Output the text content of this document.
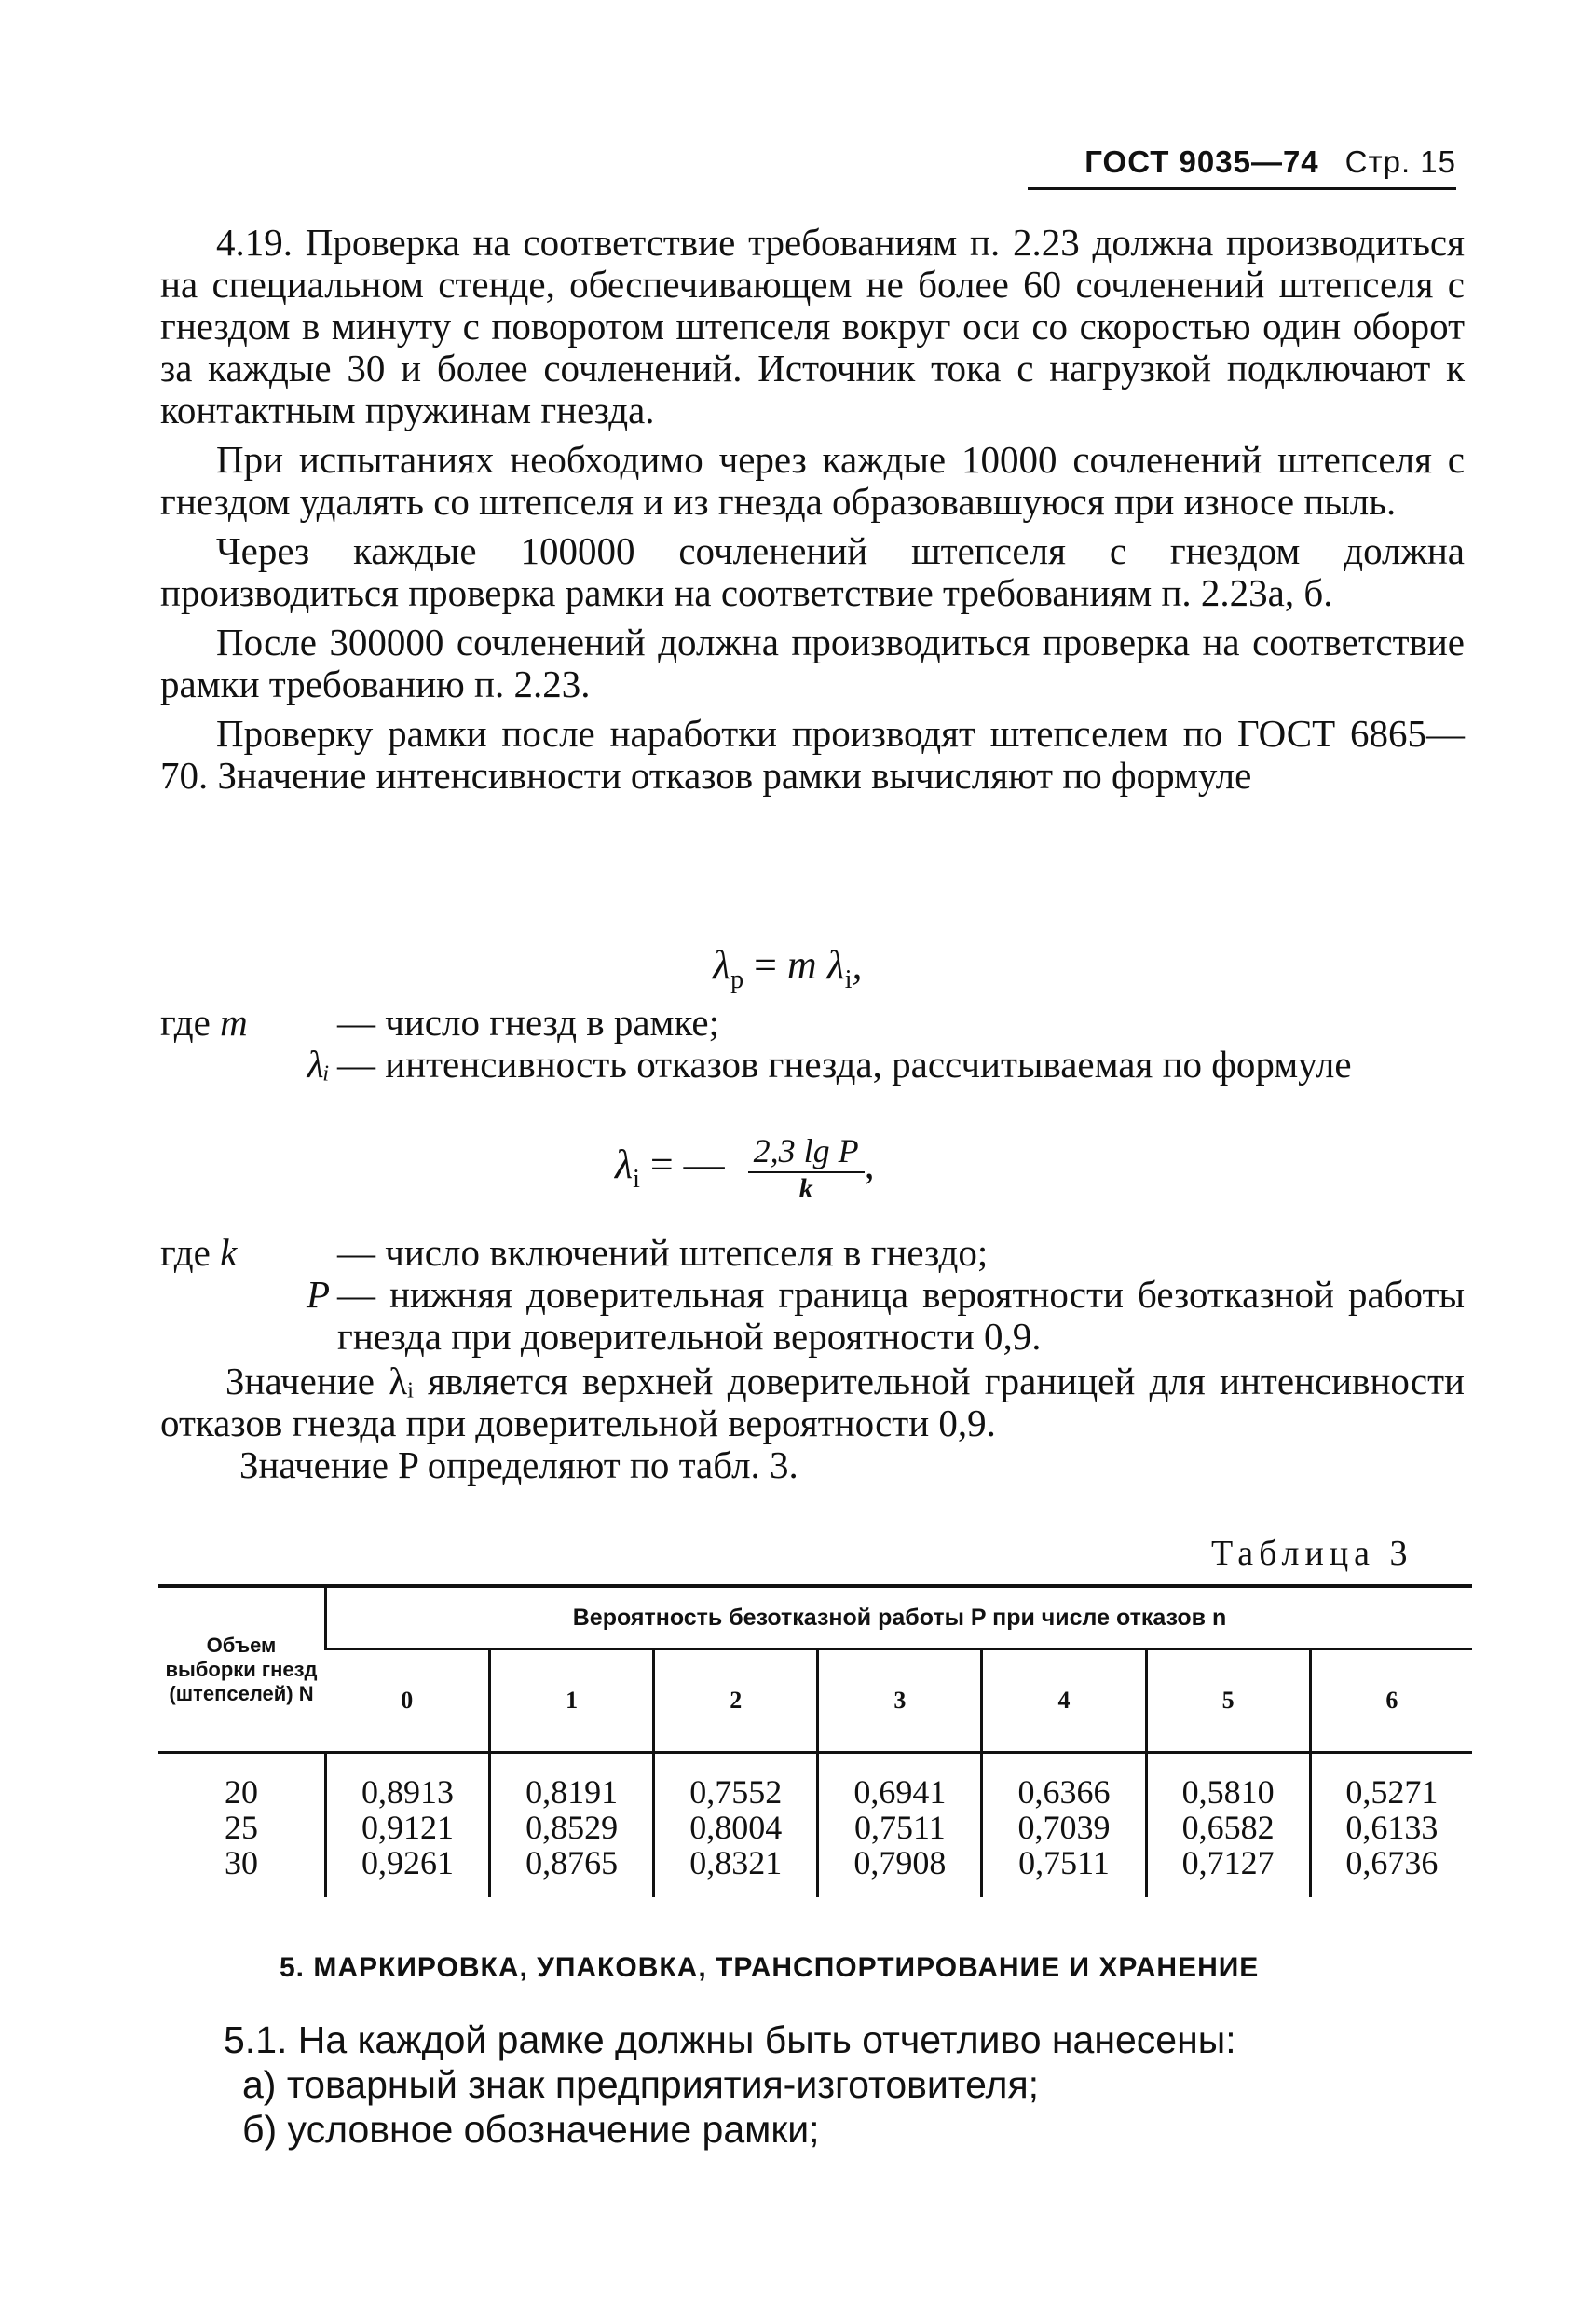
ГОСТ 9035—74 Стр. 15

4.19. Проверка на соответствие требованиям п. 2.23 должна производиться на специальном стенде, обеспечивающем не более 60 сочленений штепселя с гнездом в минуту с поворотом штепселя вокруг оси со скоростью один оборот за каждые 30 и более сочленений. Источник тока с нагрузкой подключают к контактным пружинам гнезда.

При испытаниях необходимо через каждые 10000 сочленений штепселя с гнездом удалять со штепселя и из гнезда образовавшуюся при износе пыль.

Через каждые 100000 сочленений штепселя с гнездом должна производиться проверка рамки на соответствие требованиям п. 2.23а, б.

После 300000 сочленений должна производиться проверка на соответствие рамки требованию п. 2.23.

Проверку рамки после наработки производят штепселем по ГОСТ 6865—70. Значение интенсивности отказов рамки вычисляют по формуле

$\lambda_р = m$ $\lambda_i$,
где m	— число гнезд в рамке;
λᵢ — интенсивность отказов гнезда, рассчитываемая по формуле
$\lambda_i$ = — $\frac{\text{2,3 lg P}}{k}$ ,
где k	— число включений штепселя в гнездо;
P — нижняя доверительная граница вероятности безотказной работы гнезда при доверительной вероятности 0,9.

Значение λᵢ является верхней доверительной границей для интенсивности отказов гнезда при доверительной вероятности 0,9.

Значение P определяют по табл. 3.

Таблица 3
Объем выборки гнезд (штепселей) N	Вероятность безотказной работы P при числе отказов n						
	0	1	2	3	4	5	6
20	0,8913	0,8191	0,7552	0,6941	0,6366	0,5810	0,5271
25	0,9121	0,8529	0,8004	0,7511	0,7039	0,6582	0,6133
30	0,9261	0,8765	0,8321	0,7908	0,7511	0,7127	0,6736
5. МАРКИРОВКА, УПАКОВКА, ТРАНСПОРТИРОВАНИЕ И ХРАНЕНИЕ
5.1. На каждой рамке должны быть отчетливо нанесены:
а) товарный знак предприятия-изготовителя;
б) условное обозначение рамки;
